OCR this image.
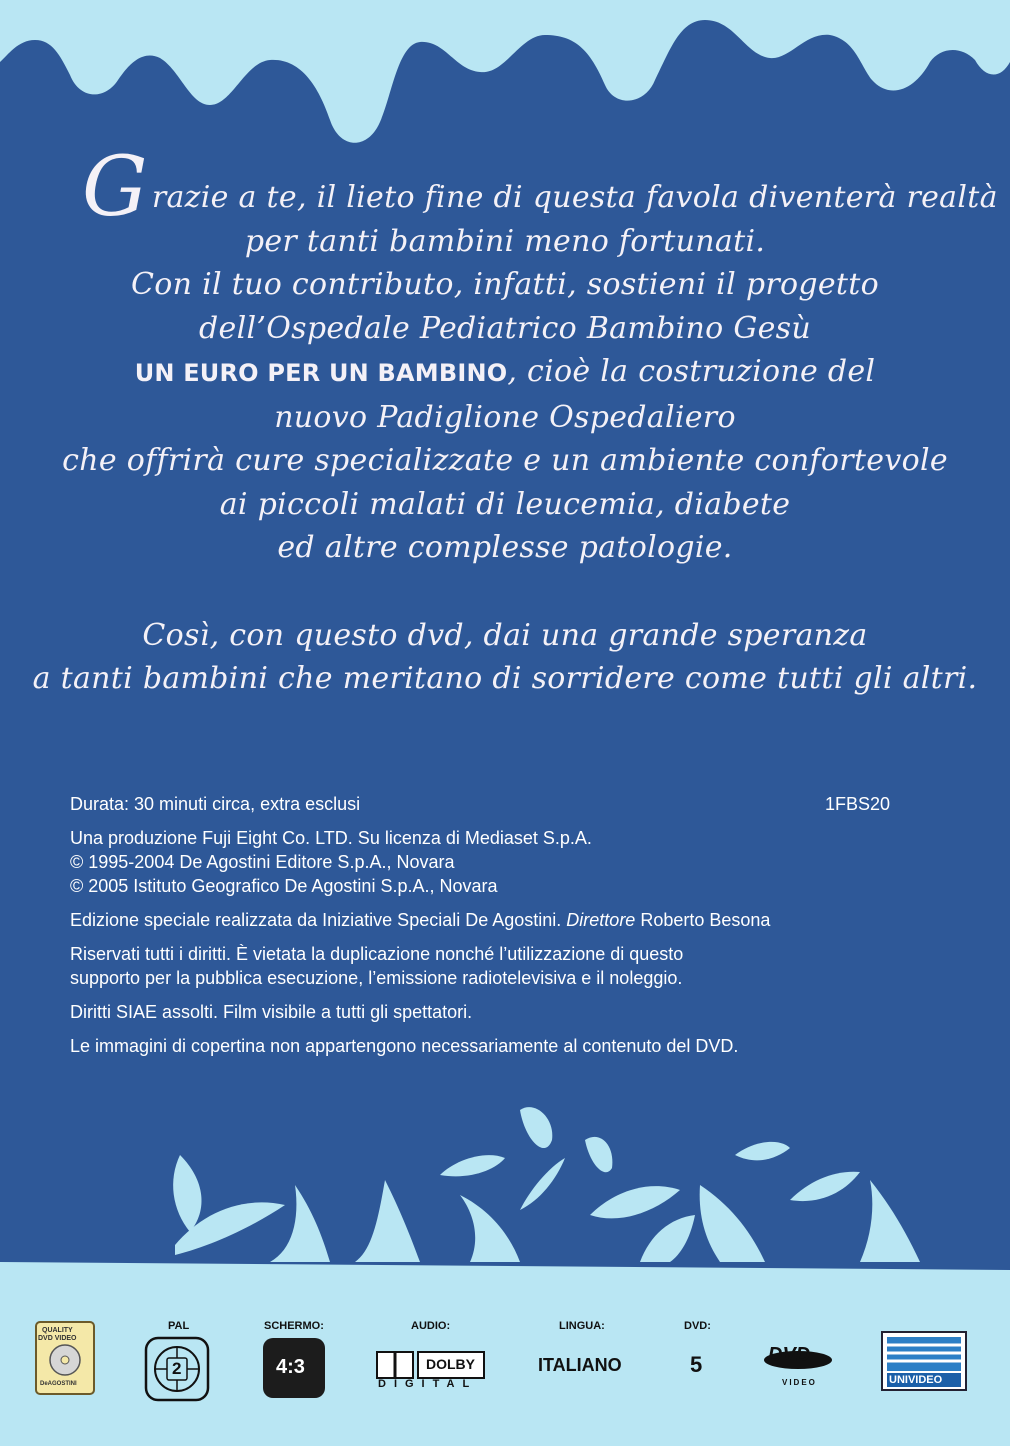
Grazie a te, il lieto fine di questa favola diventerà realtà
per tanti bambini meno fortunati.
Con il tuo contributo, infatti, sostieni il progetto
dell’Ospedale Pediatrico Bambino Gesù
UN EURO PER UN BAMBINO, cioè la costruzione del
nuovo Padiglione Ospedaliero
che offrirà cure specializzate e un ambiente confortevole
ai piccoli malati di leucemia, diabete
ed altre complesse patologie.
Così, con questo dvd, dai una grande speranza
a tanti bambini che meritano di sorridere come tutti gli altri.

Durata: 30 minuti circa, extra esclusi	1FBS20

Una produzione Fuji Eight Co. LTD. Su licenza di Mediaset S.p.A.
© 1995-2004 De Agostini Editore S.p.A., Novara
© 2005 Istituto Geografico De Agostini S.p.A., Novara

Edizione speciale realizzata da Iniziative Speciali De Agostini. Direttore Roberto Besona

Riservati tutti i diritti. È vietata la duplicazione nonché l’utilizzazione di questo
supporto per la pubblica esecuzione, l’emissione radiotelevisiva e il noleggio.

Diritti SIAE assolti. Film visibile a tutti gli spettatori.

Le immagini di copertina non appartengono necessariamente al contenuto del DVD.

QUALITY
DVD VIDEO
DeAGOSTINI
PAL
2
SCHERMO:
4:3
AUDIO:
DOLBY
DIGITAL
LINGUA:
ITALIANO
DVD:
5	DVD
VIDEO	UNIVIDEO
